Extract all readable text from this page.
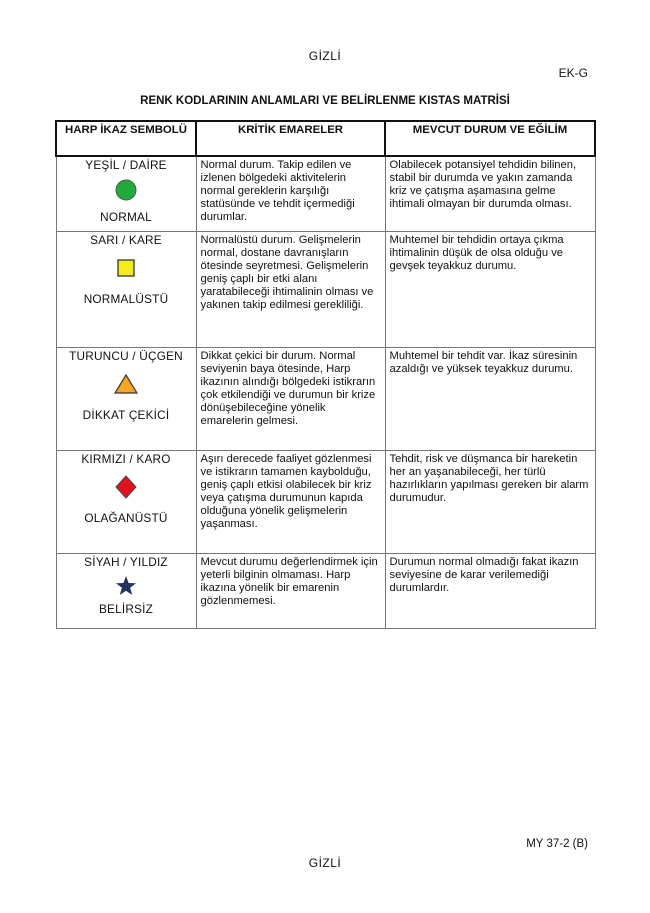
GİZLİ
EK-G
RENK KODLARININ ANLAMLARI VE BELİRLENME KISTAS MATRİSİ
HARP İKAZ SEMBOLÜ	KRİTİK EMARELER	MEVCUT DURUM VE EĞİLİM

YEŞİL / DAİRE
NORMAL	Normal durum. Takip edilen ve izlenen bölgedeki aktivitelerin normal gereklerin karşılığı statüsünde ve tehdit içermediği durumlar.	Olabilecek potansiyel tehdidin bilinen, stabil bir durumda ve yakın zamanda kriz ve çatışma aşamasına gelme ihtimali olmayan bir durumda olması.

SARI / KARE
NORMALÜSTÜ	Normalüstü durum. Gelişmelerin normal, dostane davranışların ötesinde seyretmesi. Gelişmelerin geniş çaplı bir etki alanı yaratabileceği ihtimalinin olması ve yakınen takip edilmesi gerekliliği.	Muhtemel bir tehdidin ortaya çıkma ihtimalinin düşük de olsa olduğu ve gevşek teyakkuz durumu.

TURUNCU / ÜÇGEN
DİKKAT ÇEKİCİ	Dikkat çekici bir durum. Normal seviyenin baya ötesinde, Harp ikazının alındığı bölgedeki istikrarın çok etkilendiği ve durumun bir krize dönüşebileceğine yönelik emarelerin gelmesi.	Muhtemel bir tehdit var. İkaz süresinin azaldığı ve yüksek teyakkuz durumu.

KIRMIZI / KARO
OLAĞANÜSTÜ	Aşırı derecede faaliyet gözlenmesi ve istikrarın tamamen kaybolduğu, geniş çaplı etkisi olabilecek bir kriz veya çatışma durumunun kapıda olduğuna yönelik gelişmelerin yaşanması.	Tehdit, risk ve düşmanca bir hareketin her an yaşanabileceği, her türlü hazırlıkların yapılması gereken bir alarm durumudur.

SİYAH / YILDIZ
BELİRSİZ	Mevcut durumu değerlendirmek için yeterli bilginin olmaması. Harp ikazına yönelik bir emarenin gözlenmemesi.	Durumun normal olmadığı fakat ikazın seviyesine de karar verilemediği durumlardır.
MY 37-2 (B)
GİZLİ
